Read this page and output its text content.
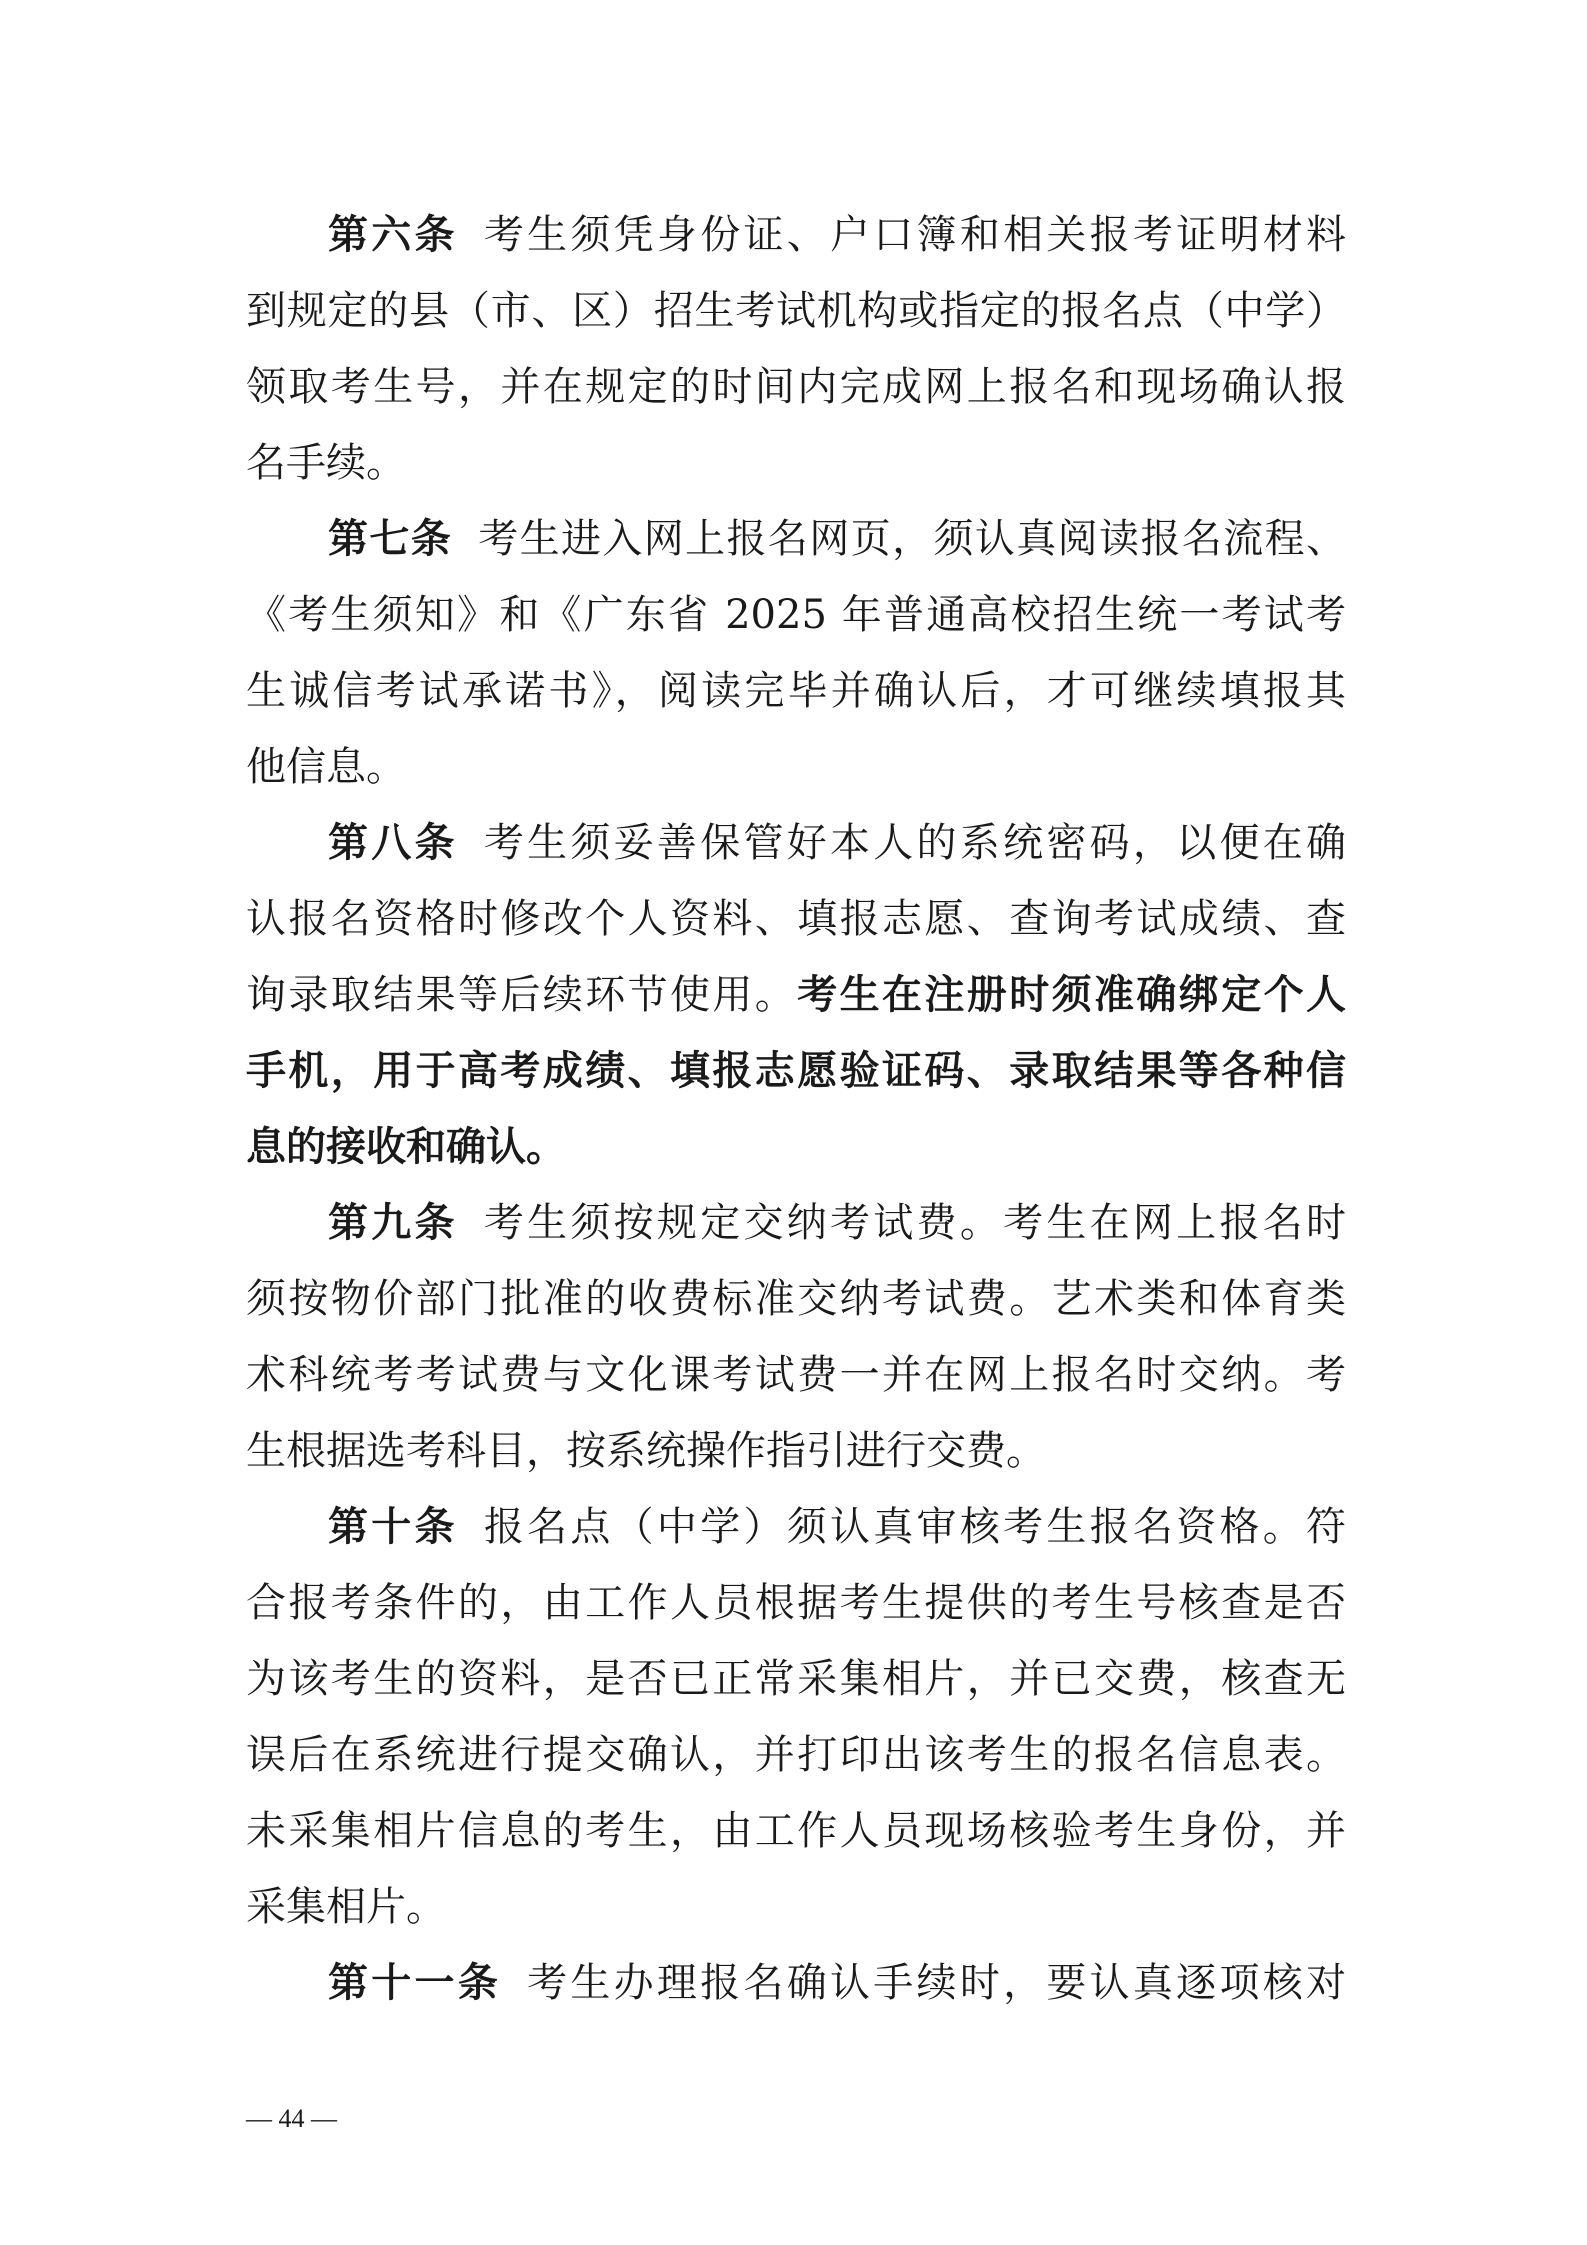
第六条 考生须凭身份证、户口簿和相关报考证明材料
到规定的县（市、区）招生考试机构或指定的报名点（中学）
领取考生号，并在规定的时间内完成网上报名和现场确认报
名手续。
第七条 考生进入网上报名网页，须认真阅读报名流程、
《考生须知》和《广东省 2025 年普通高校招生统一考试考
生诚信考试承诺书》，阅读完毕并确认后，才可继续填报其
他信息。
第八条 考生须妥善保管好本人的系统密码，以便在确
认报名资格时修改个人资料、填报志愿、查询考试成绩、查
询录取结果等后续环节使用。考生在注册时须准确绑定个人
手机，用于高考成绩、填报志愿验证码、录取结果等各种信
息的接收和确认。
第九条 考生须按规定交纳考试费。考生在网上报名时
须按物价部门批准的收费标准交纳考试费。艺术类和体育类
术科统考考试费与文化课考试费一并在网上报名时交纳。考
生根据选考科目，按系统操作指引进行交费。
第十条 报名点（中学）须认真审核考生报名资格。符
合报考条件的，由工作人员根据考生提供的考生号核查是否
为该考生的资料，是否已正常采集相片，并已交费，核查无
误后在系统进行提交确认，并打印出该考生的报名信息表。
未采集相片信息的考生，由工作人员现场核验考生身份，并
采集相片。
第十一条 考生办理报名确认手续时，要认真逐项核对
— 44 —
